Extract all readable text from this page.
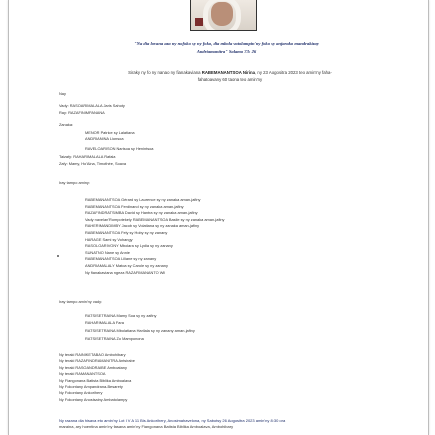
"Na dia lovana aza ny nofoko sy ny foko, dia mbola vatolampin'ny foko sy anjarako mandrakizay
Andriamanitra" Salamo 73: 26
Siraky ny fo ny nanao ny fianakaviana RABEMANANTSOA Nirina, ny 23 Aogositra 2023 teo amin'ny faha-
fahatoavany 60 taona teo amin'ny
Nay
Vady: RASOARIMALALA Jaris Sahoty
Ray: RAZAFINIMPANANA
MENOR Patrice sy Lalatiana
ANDRIANINA Lionsoa
RAVELOARISON Narisoa sy Henintsoa
Taizafy: RAHARIMALALA Rafala
Zafy: Mamy, Ho'Aina, Timothée, Soava
RABEMANANTSOA Gérard sy Laurence sy ny zanaka aman-jafiny
RABEMANANTSOA Ferdinand sy ny zanaka aman-jafiny
RAZAFINDRATSIMBA David sy Hantra sy ny zanaka aman-jafiny
Vady navelan'Rompotekely RABEMANANTSOA Basile sy ny zanaka aman-jafiny
RAHERIMANDIMBY Jacob sy Volatiana sy ny zanaka aman-jafiny
RABEMANANTSOA Fely sy Hoby sy ny zanany
HARAGE Sami sy Vohangy
RASOLOARIVONY Mbolara sy Lydia sy ny zanany
SUNATNO Nane sy Annie
RABEMANANTSOA Liliane sy ny zanany
ANDRIAMALALY Matoa sy Carole sy ny zanany
Ny fianakaviana ngeza RAZAFIMANANTO Wil
RATSISETRAINA Mamy Soa sy ny zafiny
RAHARIMALALA Fara
RATSISETRAINA Mbolatiana Harilala sy ny zanany aman-jafiny
RATSISETRAINA Zo Mamponona
Ny teraki RAINIKETABAO Ambohibary
Ny teraki RAZAFINDRAMANITRA Antsirabe
Ny teraki RASOANDRAIBE Amboatany
Ny teraki RAMANANTSOA
Ny Fiangonana Batista Biblika Amboalava
Ny Fokontany Ampandrana-Besarety
Ny Fokontany Ankorihery
Ny Fokontany Anosisainy Ambatolampy
Zanaka:
Iray tampo aminy:
Iray tampo amin'ny vady:
Ny razana dia hisava eto amin'ny Lot I V A 11 Bis Ankorihery, Anosimahavelona, ny Sabotsy 26 Aogositra 2023 amin'ny 8:30 ora
maraina, ary hoentina amin'ny fasana amin'ny Fiangonana Batista Biblika Amboalava, Ambohibary
